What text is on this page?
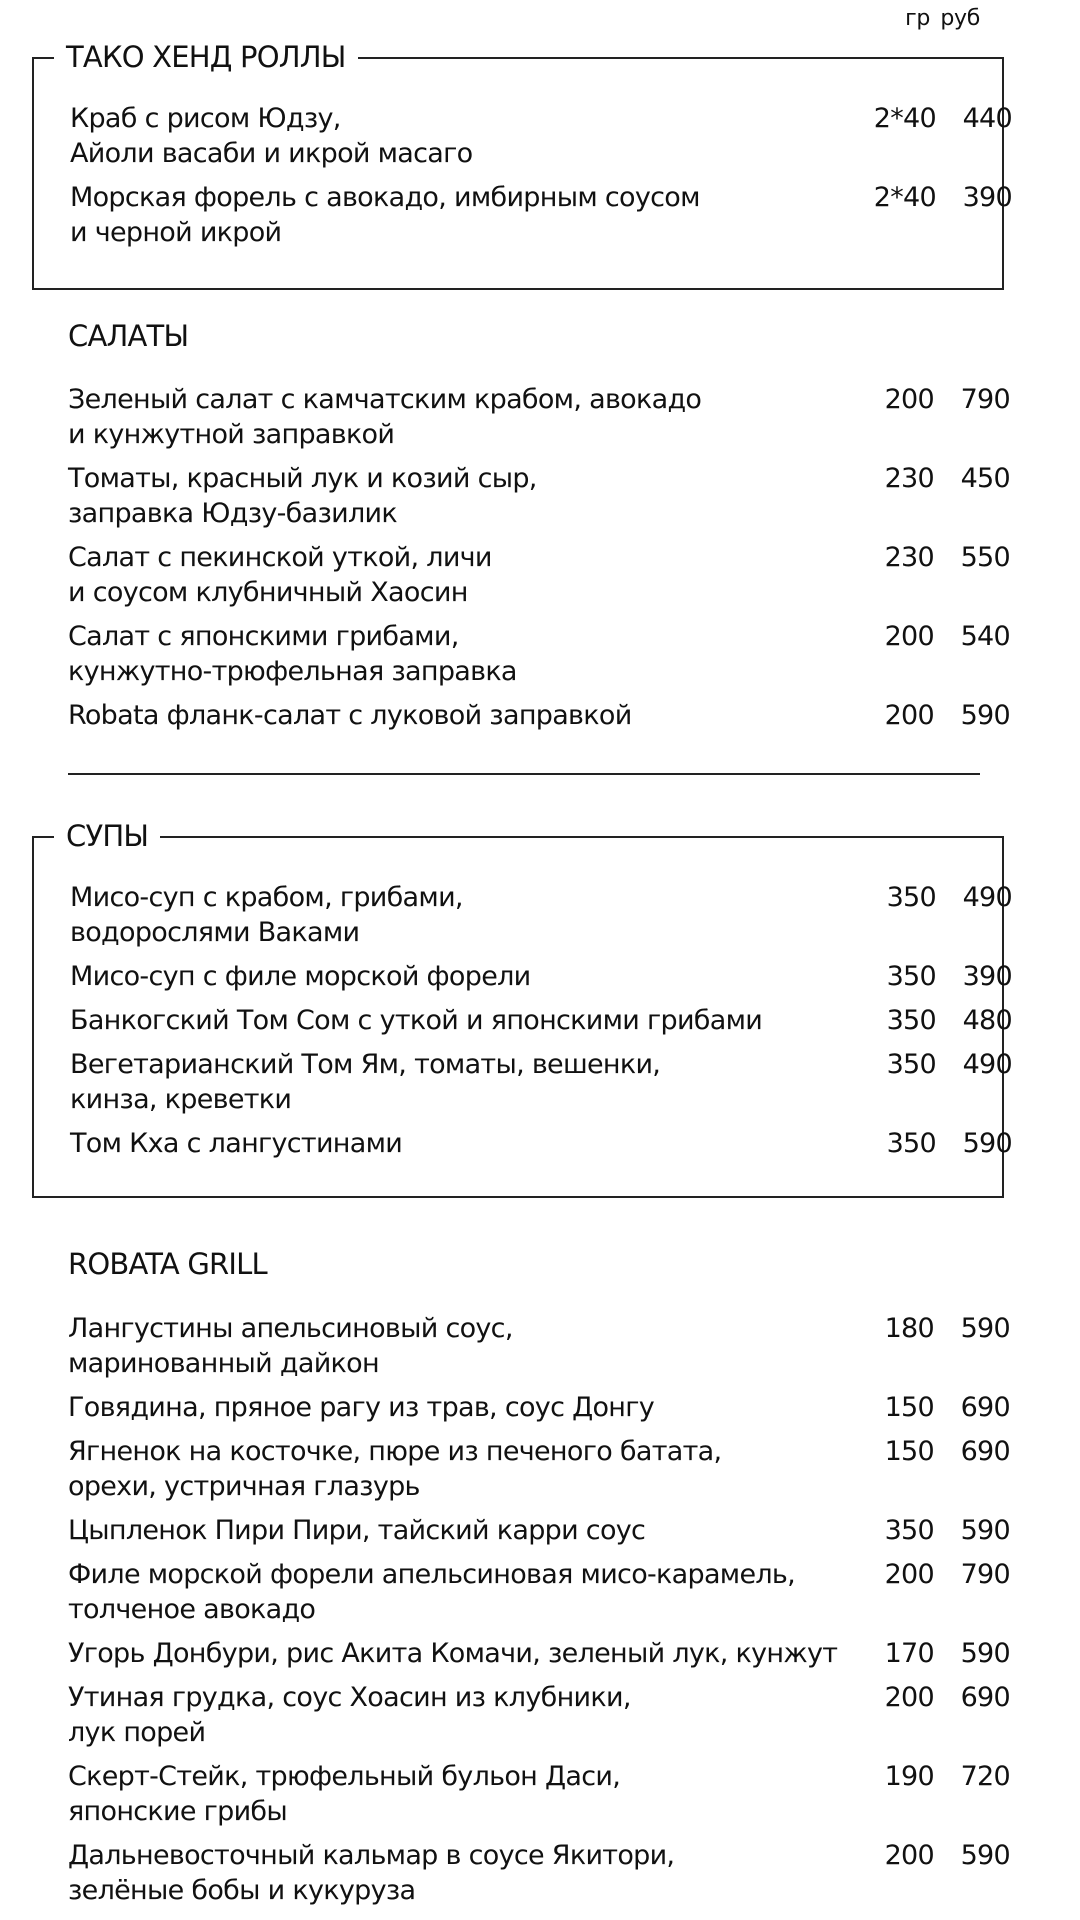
гр руб
ТАКО ХЕНД РОЛЛЫ
Краб с рисом Юдзу,
Айоли васаби и икрой масаго
2*40 440
Морская форель с авокадо, имбирным соусом
и черной икрой
2*40 390
САЛАТЫ
Зеленый салат с камчатским крабом, авокадо
и кунжутной заправкой
200 790
Томаты, красный лук и козий сыр,
заправка Юдзу-базилик
230 450
Салат с пекинской уткой, личи
и соусом клубничный Хаосин
230 550
Салат с японскими грибами,
кунжутно-трюфельная заправка
200 540
Robata фланк-салат с луковой заправкой	200 590
СУПЫ
Мисо-суп с крабом, грибами,
водорослями Ваками
350 490
Мисо-суп с филе морской форели	350 390
Банкогский Том Сом с уткой и японскими грибами	350 480
Вегетарианский Том Ям, томаты, вешенки,
кинза, креветки
350 490
Том Кха с лангустинами	350 590
ROBATA GRILL
Лангустины апельсиновый соус,
маринованный дайкон
180 590
Говядина, пряное рагу из трав, соус Донгу	150 690
Ягненок на косточке, пюре из печеного батата,
орехи, устричная глазурь
150 690
Цыпленок Пири Пири, тайский карри соус	350 590
Филе морской форели апельсиновая мисо-карамель,
толченое авокадо
200 790
Угорь Донбури, рис Акита Комачи, зеленый лук, кунжут	170 590
Утиная грудка, соус Хоасин из клубники,
лук порей
200 690
Скерт-Стейк, трюфельный бульон Даси,
японские грибы
190 720
Дальневосточный кальмар в соусе Якитори,
зелёные бобы и кукуруза
200 590
